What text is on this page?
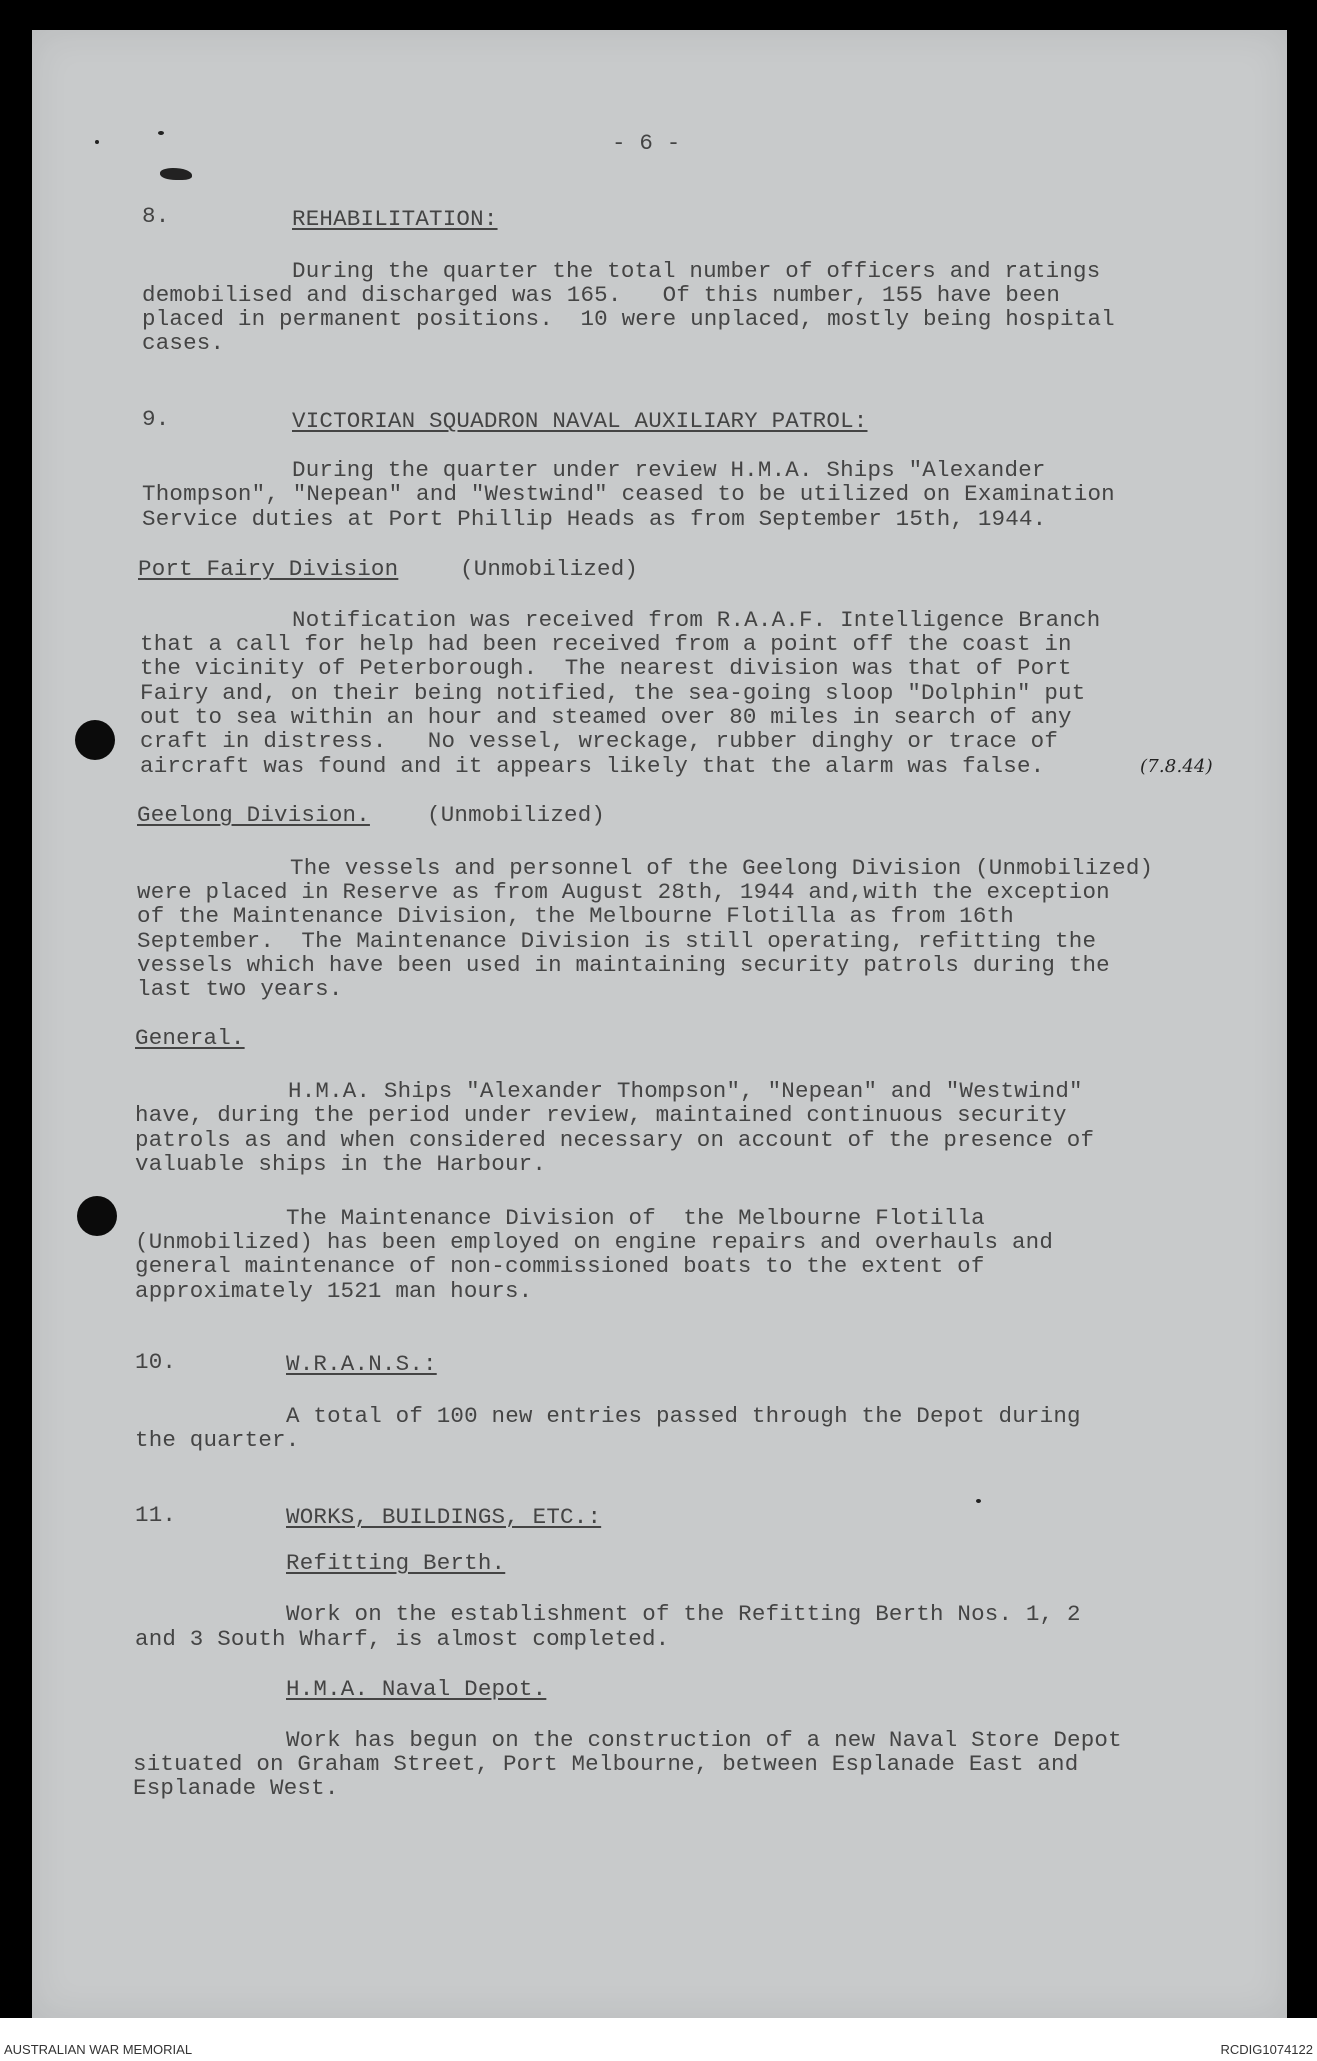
- 6 -
8.	REHABILITATION:
During the quarter the total number of officers and ratings
demobilised and discharged was 165.   Of this number, 155 have been
placed in permanent positions.  10 were unplaced, mostly being hospital
cases.
9.	VICTORIAN SQUADRON NAVAL AUXILIARY PATROL:
During the quarter under review H.M.A. Ships "Alexander
Thompson", "Nepean" and "Westwind" ceased to be utilized on Examination
Service duties at Port Phillip Heads as from September 15th, 1944.
Port Fairy Division	(Unmobilized)
Notification was received from R.A.A.F. Intelligence Branch
that a call for help had been received from a point off the coast in
the vicinity of Peterborough.  The nearest division was that of Port
Fairy and, on their being notified, the sea-going sloop "Dolphin" put
out to sea within an hour and steamed over 80 miles in search of any
craft in distress.   No vessel, wreckage, rubber dinghy or trace of
aircraft was found and it appears likely that the alarm was false.	(7.8.44)
Geelong Division.	(Unmobilized)
The vessels and personnel of the Geelong Division (Unmobilized)
were placed in Reserve as from August 28th, 1944 and,with the exception
of the Maintenance Division, the Melbourne Flotilla as from 16th
September.  The Maintenance Division is still operating, refitting the
vessels which have been used in maintaining security patrols during the
last two years.
General.
H.M.A. Ships "Alexander Thompson", "Nepean" and "Westwind"
have, during the period under review, maintained continuous security
patrols as and when considered necessary on account of the presence of
valuable ships in the Harbour.
The Maintenance Division of  the Melbourne Flotilla
(Unmobilized) has been employed on engine repairs and overhauls and
general maintenance of non-commissioned boats to the extent of
approximately 1521 man hours.
10.	W.R.A.N.S.:
A total of 100 new entries passed through the Depot during
the quarter.
11.	WORKS, BUILDINGS, ETC.:
Refitting Berth.
Work on the establishment of the Refitting Berth Nos. 1, 2
and 3 South Wharf, is almost completed.
H.M.A. Naval Depot.
Work has begun on the construction of a new Naval Store Depot
situated on Graham Street, Port Melbourne, between Esplanade East and
Esplanade West.
AUSTRALIAN WAR MEMORIAL	RCDIG1074122
